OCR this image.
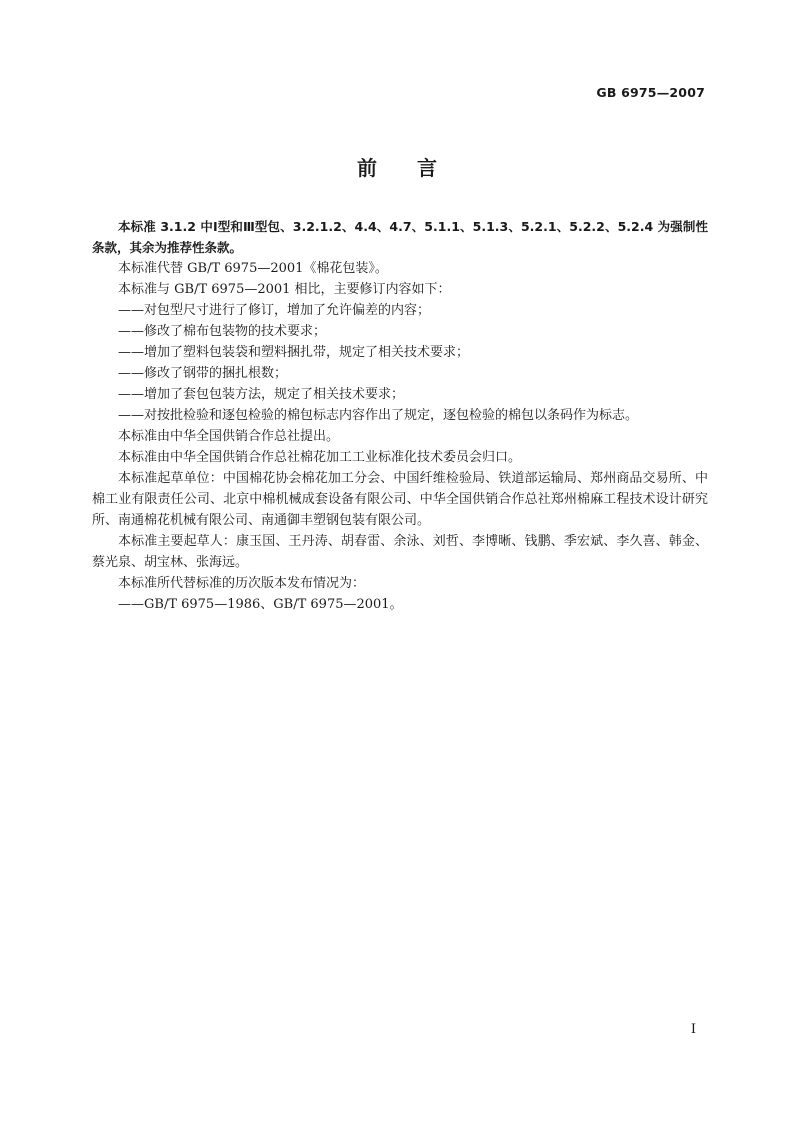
GB 6975—2007
前言

本标准 3.1.2 中Ⅰ型和Ⅲ型包、3.2.1.2、4.4、4.7、5.1.1、5.1.3、5.2.1、5.2.2、5.2.4 为强制性条款，其余为推荐性条款。

本标准代替 GB/T 6975—2001《棉花包装》。

本标准与 GB/T 6975—2001 相比，主要修订内容如下：

——对包型尺寸进行了修订，增加了允许偏差的内容；

——修改了棉布包装物的技术要求；

——增加了塑料包装袋和塑料捆扎带，规定了相关技术要求；

——修改了钢带的捆扎根数；

——增加了套包包装方法，规定了相关技术要求；

——对按批检验和逐包检验的棉包标志内容作出了规定，逐包检验的棉包以条码作为标志。

本标准由中华全国供销合作总社提出。

本标准由中华全国供销合作总社棉花加工工业标准化技术委员会归口。

本标准起草单位：中国棉花协会棉花加工分会、中国纤维检验局、铁道部运输局、郑州商品交易所、中棉工业有限责任公司、北京中棉机械成套设备有限公司、中华全国供销合作总社郑州棉麻工程技术设计研究所、南通棉花机械有限公司、南通御丰塑钢包装有限公司。

本标准主要起草人：康玉国、王丹涛、胡春雷、余泳、刘哲、李博晰、钱鹏、季宏斌、李久喜、韩金、蔡光泉、胡宝林、张海远。

本标准所代替标准的历次版本发布情况为：

——GB/T 6975—1986、GB/T 6975—2001。

I
